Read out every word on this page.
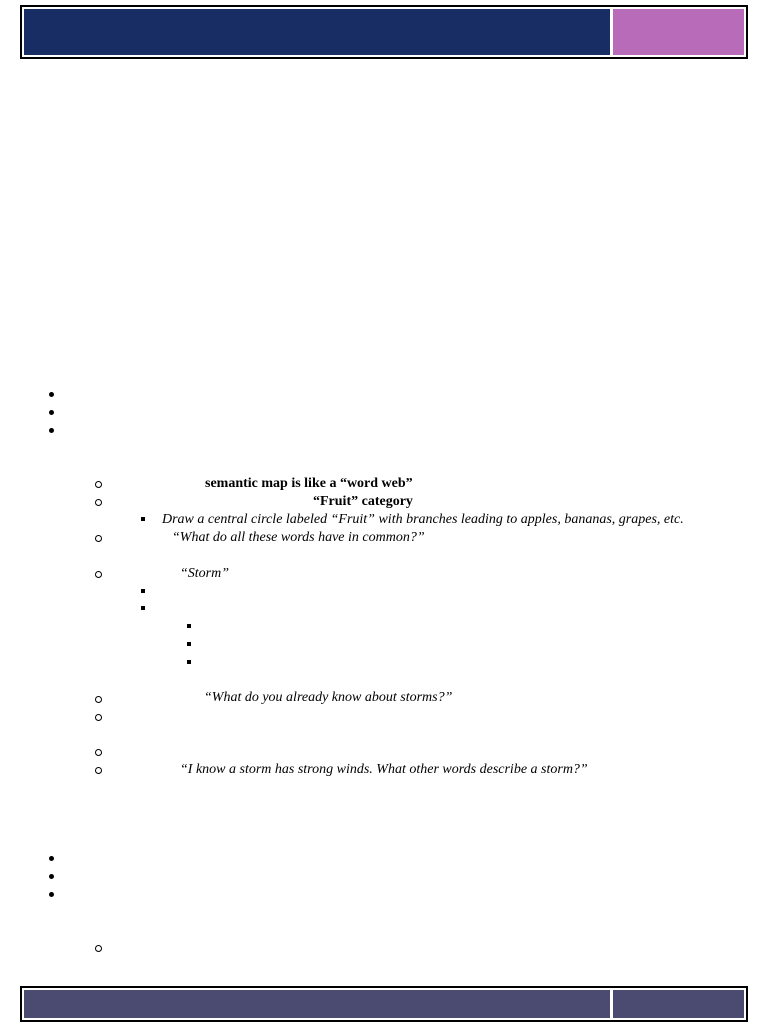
semantic map is like a “word web”
“Fruit” category
Draw a central circle labeled “Fruit” with branches leading to apples, bananas, grapes, etc.
“What do all these words have in common?”
“Storm”
“What do you already know about storms?”
“I know a storm has strong winds. What other words describe a storm?”
